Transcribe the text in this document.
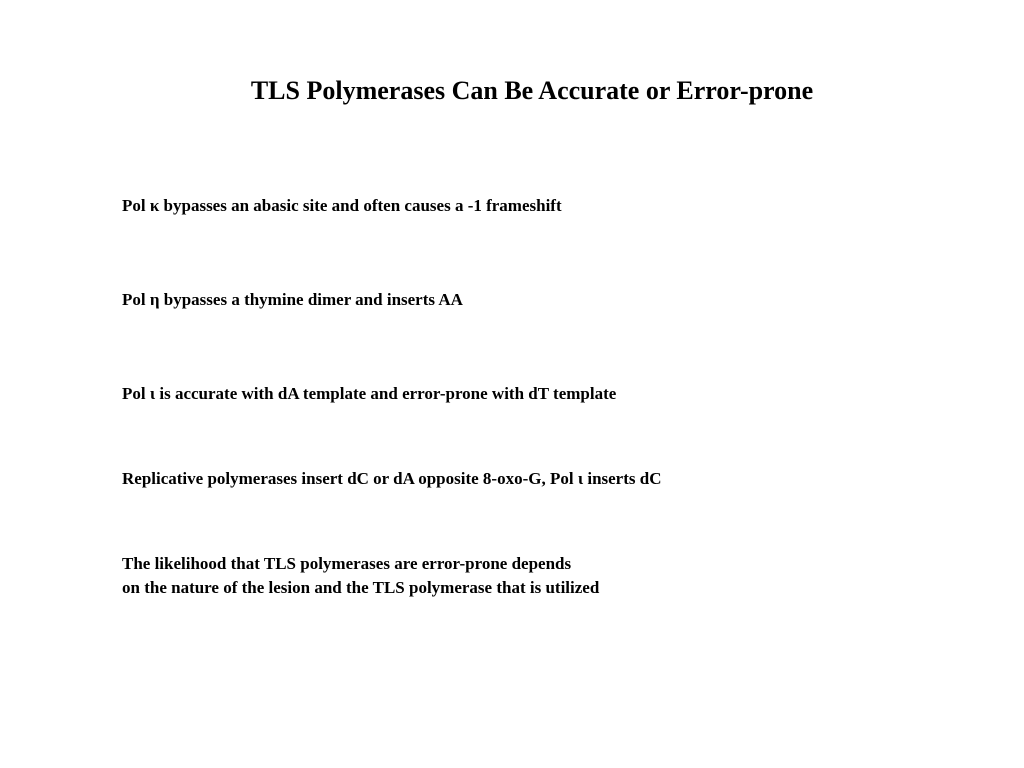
TLS Polymerases Can Be Accurate or Error-prone

Pol κ bypasses an abasic site and often causes a -1 frameshift

Pol η bypasses a thymine dimer and inserts AA

Pol ι is accurate with dA template and error-prone with dT template

Replicative polymerases insert dC or dA opposite 8-oxo-G, Pol ι inserts dC

The likelihood that TLS polymerases are error-prone depends
on the nature of the lesion and the TLS polymerase that is utilized
